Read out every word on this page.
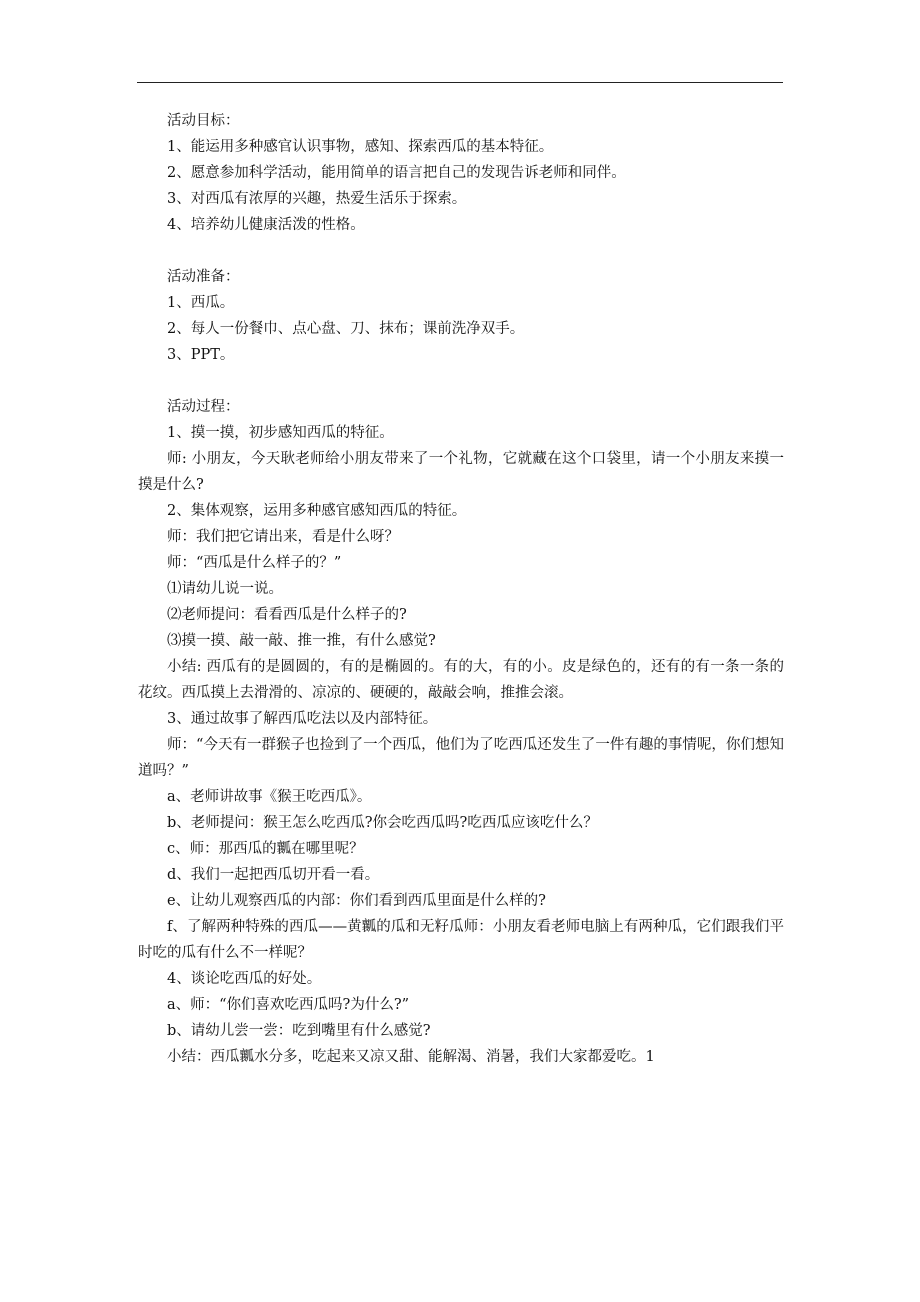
活动目标：

1、能运用多种感官认识事物，感知、探索西瓜的基本特征。

2、愿意参加科学活动，能用简单的语言把自己的发现告诉老师和同伴。

3、对西瓜有浓厚的兴趣，热爱生活乐于探索。

4、培养幼儿健康活泼的性格。

活动准备：

1、西瓜。

2、每人一份餐巾、点心盘、刀、抹布；课前洗净双手。

3、PPT。

活动过程：

1、摸一摸，初步感知西瓜的特征。

师: 小朋友，今天耿老师给小朋友带来了一个礼物，它就藏在这个口袋里，请一个小朋友来摸一摸是什么?

2、集体观察，运用多种感官感知西瓜的特征。

师：我们把它请出来，看是什么呀？

师：“西瓜是什么样子的？”

⑴请幼儿说一说。

⑵老师提问：看看西瓜是什么样子的?

⑶摸一摸、敲一敲、推一推，有什么感觉?

小结: 西瓜有的是圆圆的，有的是椭圆的。有的大，有的小。皮是绿色的，还有的有一条一条的花纹。西瓜摸上去滑滑的、凉凉的、硬硬的，敲敲会响，推推会滚。

3、通过故事了解西瓜吃法以及内部特征。

师：“今天有一群猴子也捡到了一个西瓜，他们为了吃西瓜还发生了一件有趣的事情呢，你们想知道吗？”

a、老师讲故事《猴王吃西瓜》。

b、老师提问：猴王怎么吃西瓜?你会吃西瓜吗?吃西瓜应该吃什么？

c、师：那西瓜的瓤在哪里呢？

d、我们一起把西瓜切开看一看。

e、让幼儿观察西瓜的内部：你们看到西瓜里面是什么样的?

f、了解两种特殊的西瓜——黄瓤的瓜和无籽瓜师：小朋友看老师电脑上有两种瓜，它们跟我们平时吃的瓜有什么不一样呢？

4、谈论吃西瓜的好处。

a、师：“你们喜欢吃西瓜吗?为什么?”

b、请幼儿尝一尝：吃到嘴里有什么感觉?

小结：西瓜瓤水分多，吃起来又凉又甜、能解渴、消暑，我们大家都爱吃。1
